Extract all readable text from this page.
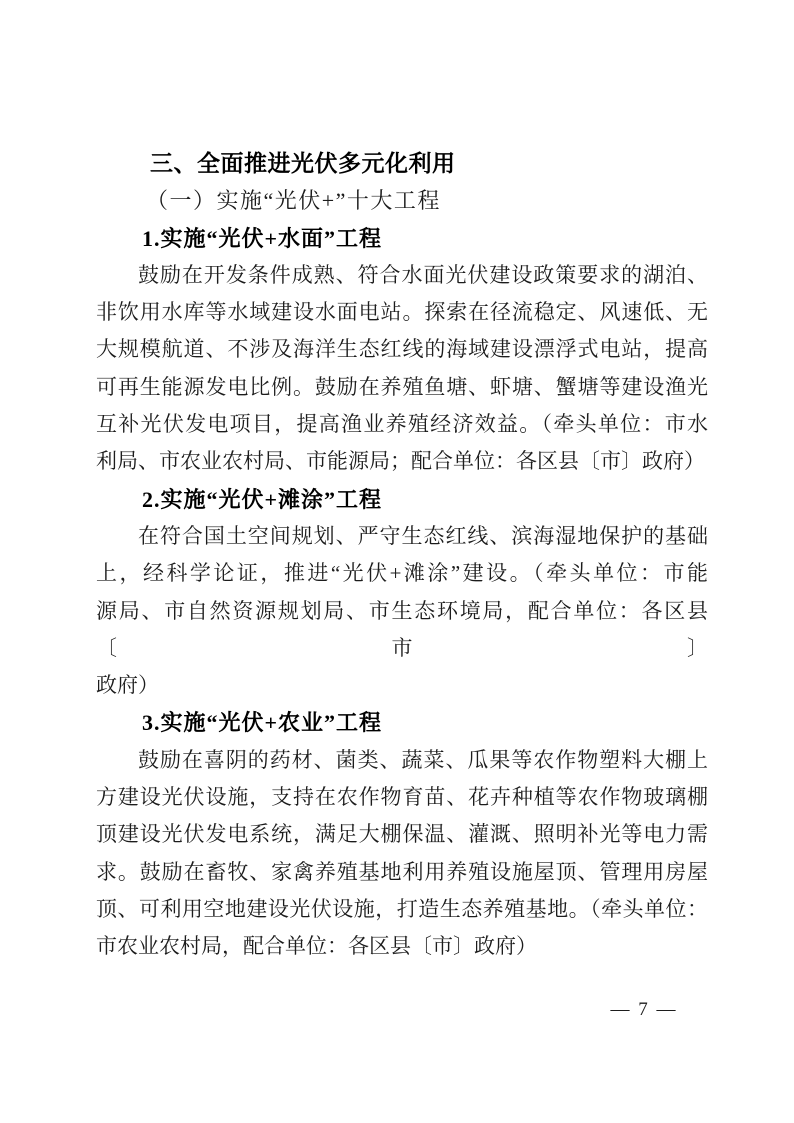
三、全面推进光伏多元化利用
（一）实施“光伏+”十大工程
1.实施“光伏+水面”工程
鼓励在开发条件成熟、符合水面光伏建设政策要求的湖泊、
非饮用水库等水域建设水面电站。探索在径流稳定、风速低、无
大规模航道、不涉及海洋生态红线的海域建设漂浮式电站，提高
可再生能源发电比例。鼓励在养殖鱼塘、虾塘、蟹塘等建设渔光
互补光伏发电项目，提高渔业养殖经济效益。（牵头单位：市水
利局、市农业农村局、市能源局；配合单位：各区县〔市〕政府）
2.实施“光伏+滩涂”工程
在符合国土空间规划、严守生态红线、滨海湿地保护的基础
上，经科学论证，推进“光伏+滩涂”建设。（牵头单位：市能
源局、市自然资源规划局、市生态环境局，配合单位：各区县〔市〕
政府）
3.实施“光伏+农业”工程
鼓励在喜阴的药材、菌类、蔬菜、瓜果等农作物塑料大棚上
方建设光伏设施，支持在农作物育苗、花卉种植等农作物玻璃棚
顶建设光伏发电系统，满足大棚保温、灌溉、照明补光等电力需
求。鼓励在畜牧、家禽养殖基地利用养殖设施屋顶、管理用房屋
顶、可利用空地建设光伏设施，打造生态养殖基地。（牵头单位：
市农业农村局，配合单位：各区县〔市〕政府）
— 7 —
